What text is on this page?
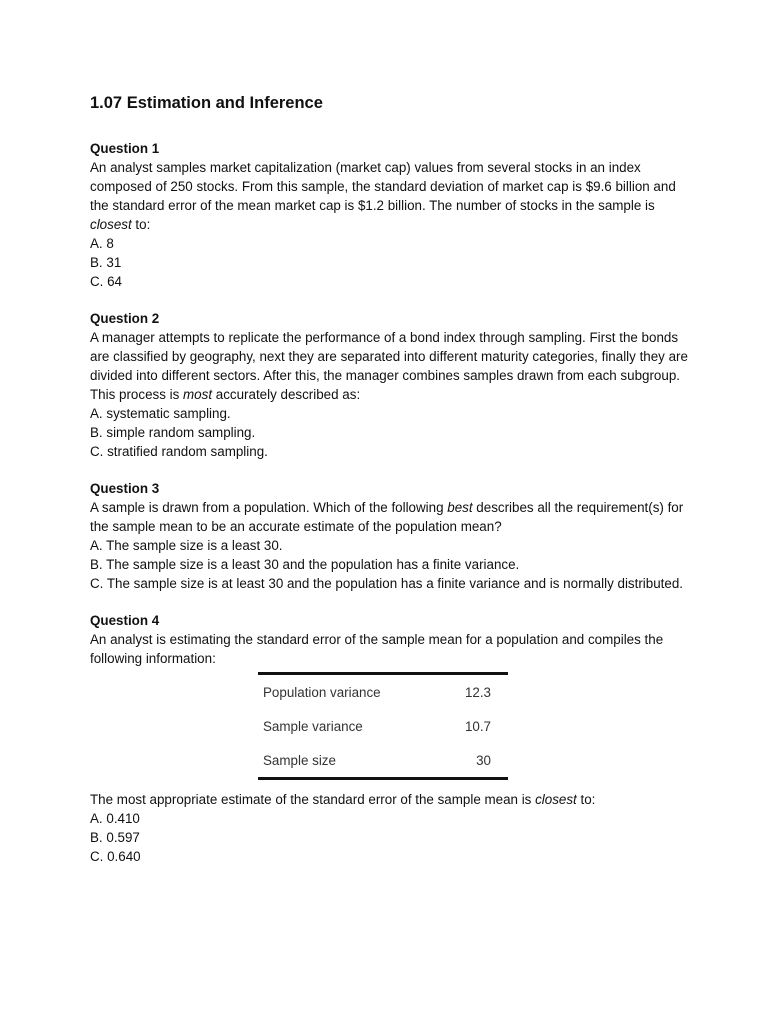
1.07 Estimation and Inference
Question 1
An analyst samples market capitalization (market cap) values from several stocks in an index composed of 250 stocks. From this sample, the standard deviation of market cap is $9.6 billion and the standard error of the mean market cap is $1.2 billion. The number of stocks in the sample is closest to:
A. 8
B. 31
C. 64
Question 2
A manager attempts to replicate the performance of a bond index through sampling. First the bonds are classified by geography, next they are separated into different maturity categories, finally they are divided into different sectors. After this, the manager combines samples drawn from each subgroup. This process is most accurately described as:
A. systematic sampling.
B. simple random sampling.
C. stratified random sampling.
Question 3
A sample is drawn from a population. Which of the following best describes all the requirement(s) for the sample mean to be an accurate estimate of the population mean?
A. The sample size is a least 30.
B. The sample size is a least 30 and the population has a finite variance.
C. The sample size is at least 30 and the population has a finite variance and is normally distributed.
Question 4
An analyst is estimating the standard error of the sample mean for a population and compiles the following information:
Population variance	12.3
Sample variance	10.7
Sample size	30
The most appropriate estimate of the standard error of the sample mean is closest to:
A. 0.410
B. 0.597
C. 0.640
